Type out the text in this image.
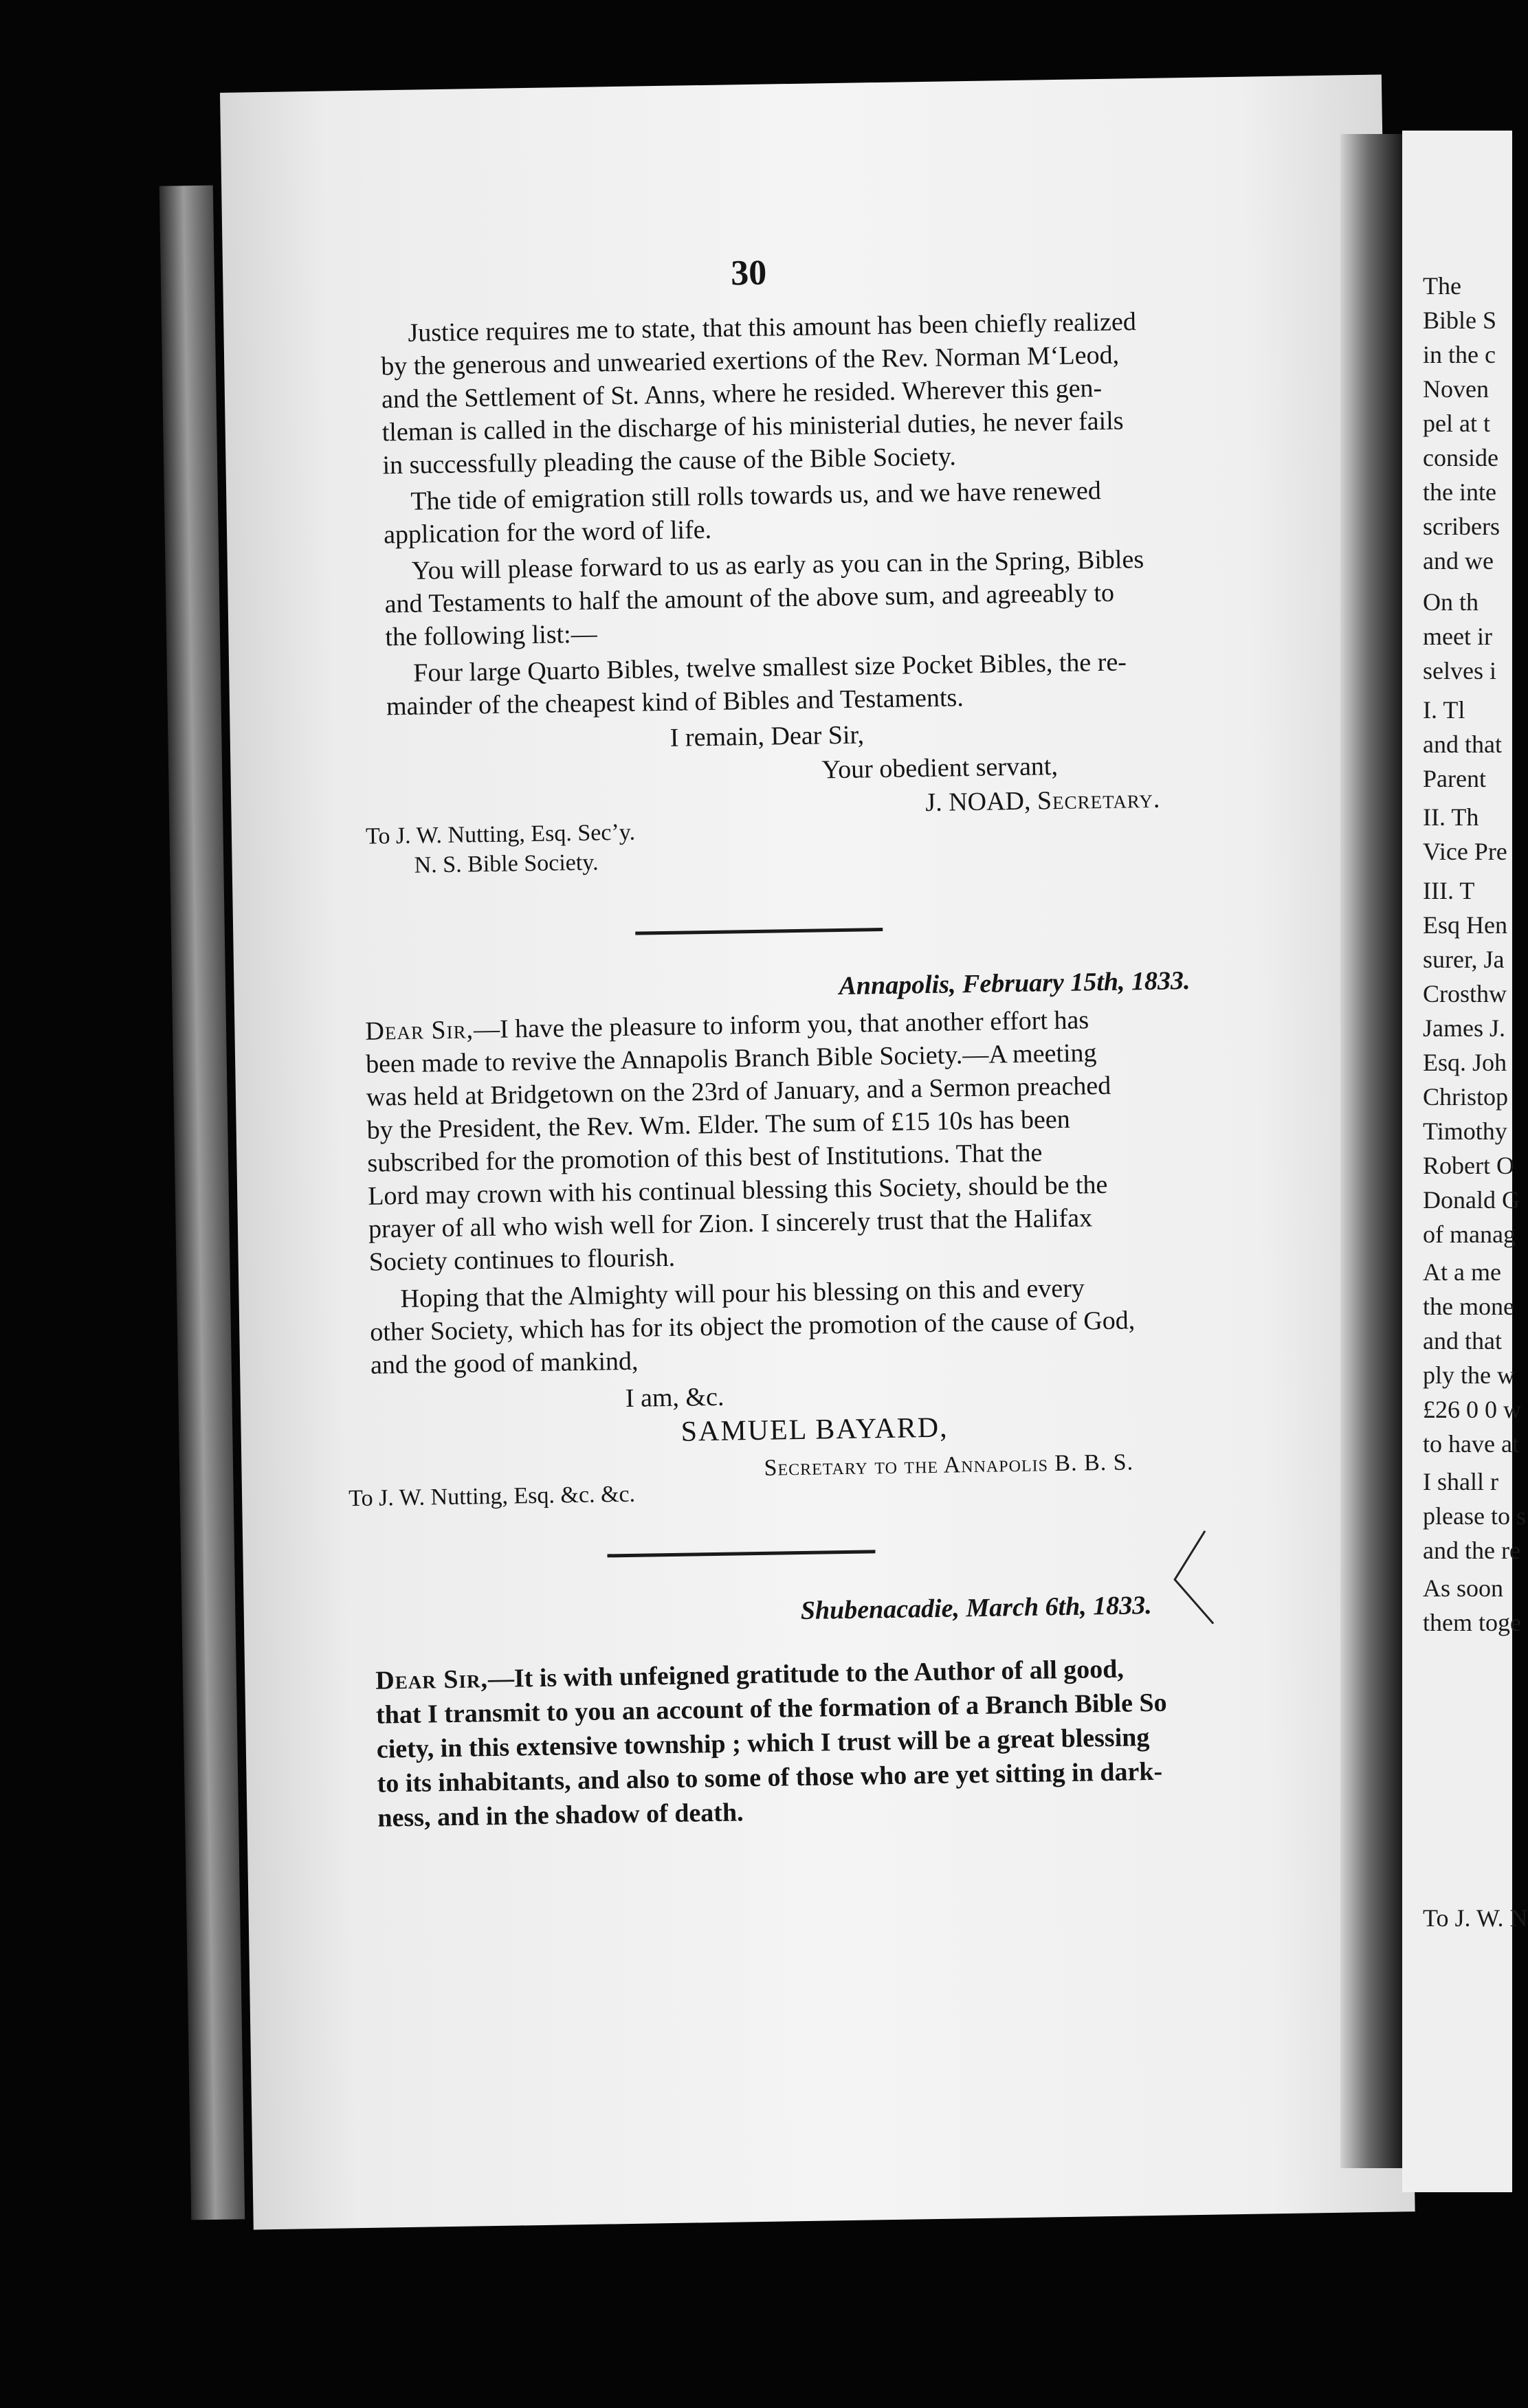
30
Justice requires me to state, that this amount has been chiefly realized
by the generous and unwearied exertions of the Rev. Norman M‘Leod,
and the Settlement of St. Anns, where he resided. Wherever this gen-
tleman is called in the discharge of his ministerial duties, he never fails
in successfully pleading the cause of the Bible Society.
The tide of emigration still rolls towards us, and we have renewed
application for the word of life.
You will please forward to us as early as you can in the Spring, Bibles
and Testaments to half the amount of the above sum, and agreeably to
the following list:—
Four large Quarto Bibles, twelve smallest size Pocket Bibles, the re-
mainder of the cheapest kind of Bibles and Testaments.
I remain, Dear Sir,
Your obedient servant,
J. NOAD, Secretary.
To J. W. Nutting, Esq. Sec’y.
N. S. Bible Society.
Annapolis, February 15th, 1833.
Dear Sir,—I have the pleasure to inform you, that another effort has
been made to revive the Annapolis Branch Bible Society.—A meeting
was held at Bridgetown on the 23rd of January, and a Sermon preached
by the President, the Rev. Wm. Elder. The sum of £15 10s has been
subscribed for the promotion of this best of Institutions. That the
Lord may crown with his continual blessing this Society, should be the
prayer of all who wish well for Zion. I sincerely trust that the Halifax
Society continues to flourish.
Hoping that the Almighty will pour his blessing on this and every
other Society, which has for its object the promotion of the cause of God,
and the good of mankind,
I am, &c.
SAMUEL BAYARD,
Secretary to the Annapolis B. B. S.
To J. W. Nutting, Esq. &c. &c.
Shubenacadie, March 6th, 1833.
Dear Sir,—It is with unfeigned gratitude to the Author of all good,
that I transmit to you an account of the formation of a Branch Bible So
ciety, in this extensive township ; which I trust will be a great blessing
to its inhabitants, and also to some of those who are yet sitting in dark-
ness, and in the shadow of death.
The
Bible S
in the c
Noven
pel at t
conside
the inte
scribers
and we
On th
meet ir
selves i
I. Tl
and that
Parent
II. Th
Vice Pre
III. T
Esq Hen
surer, Ja
Crosthw
James J.
Esq. Joh
Christop
Timothy
Robert O
Donald G
of manag
At a me
the mone
and that
ply the w
£26 0 0 w
to have at
I shall r
please to s
and the re
As soon
them toge
To J. W. N
